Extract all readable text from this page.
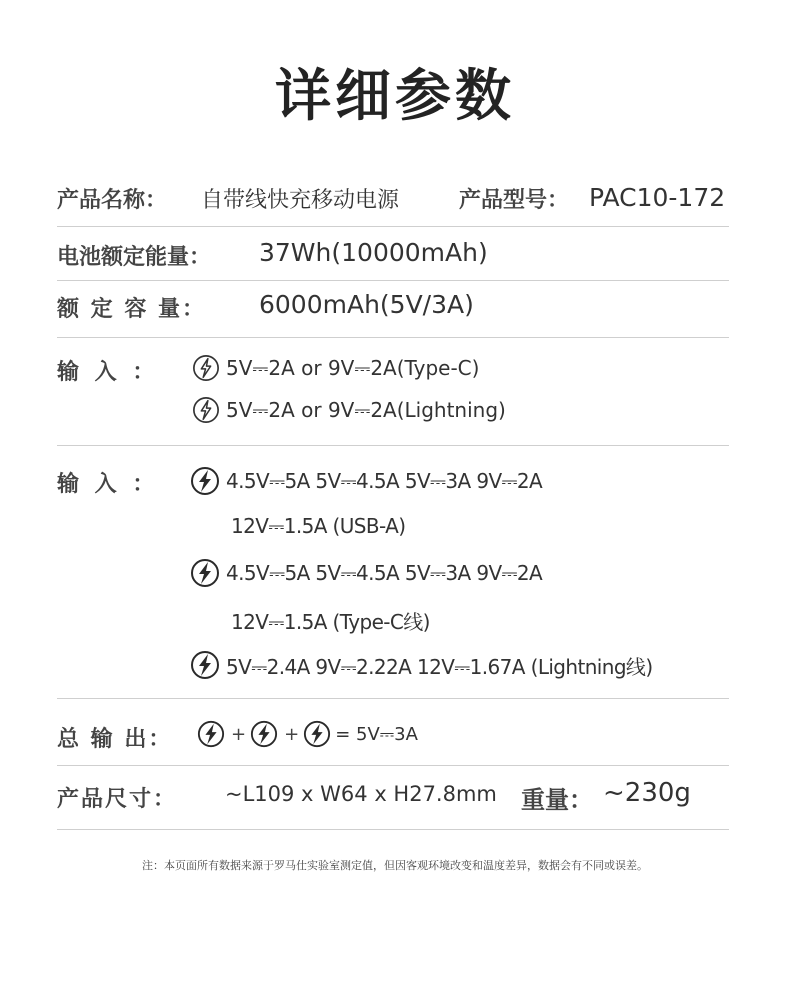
详细参数
产品名称： 自带线快充移动电源	产品型号： PAC10-172
电池额定能量： 37Wh(10000mAh)
额 定 容 量： 6000mAh(5V/3A)
输 入 ：	5V⎓2A or 9V⎓2A(Type-C)
5V⎓2A or 9V⎓2A(Lightning)
输 入 ：	4.5V⎓5A 5V⎓4.5A 5V⎓3A 9V⎓2A
12V⎓1.5A (USB-A)
4.5V⎓5A 5V⎓4.5A 5V⎓3A 9V⎓2A
12V⎓1.5A (Type-C线)
5V⎓2.4A 9V⎓2.22A 12V⎓1.67A (Lightning线)
总 输 出：	+ + = 5V⎓3A
产品尺寸： ~L109 x W64 x H27.8mm 重量： ~230g
注：本页面所有数据来源于罗马仕实验室测定值，但因客观环境改变和温度差异，数据会有不同或误差。
